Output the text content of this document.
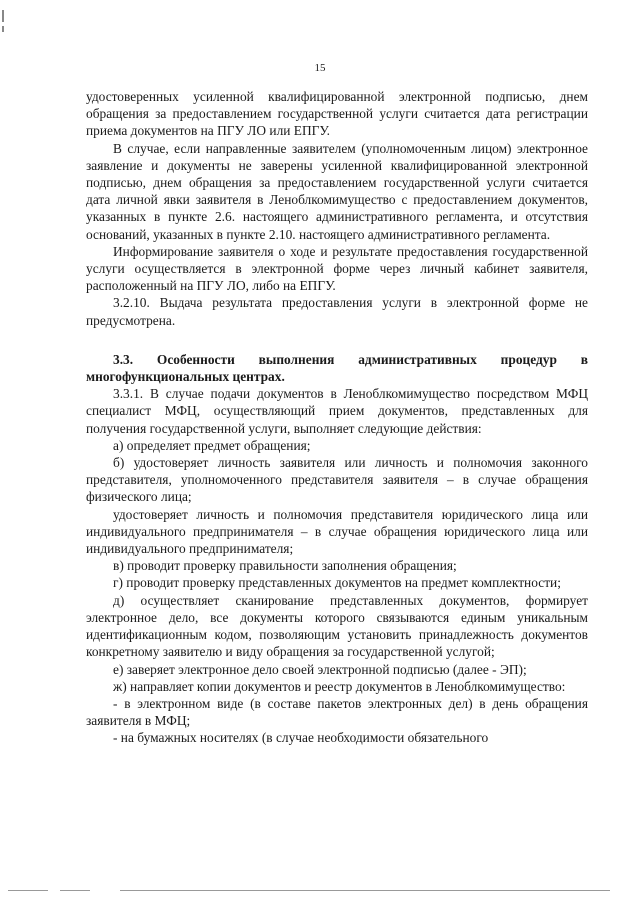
15

удостоверенных усиленной квалифицированной электронной подписью, днем обращения за предоставлением государственной услуги считается дата регистрации приема документов на ПГУ ЛО или ЕПГУ.

В случае, если направленные заявителем (уполномоченным лицом) электронное заявление и документы не заверены усиленной квалифицированной электронной подписью, днем обращения за предоставлением государственной услуги считается дата личной явки заявителя в Леноблкомимущество с предоставлением документов, указанных в пункте 2.6. настоящего административного регламента, и отсутствия оснований, указанных в пункте 2.10. настоящего административного регламента.

Информирование заявителя о ходе и результате предоставления государственной услуги осуществляется в электронной форме через личный кабинет заявителя, расположенный на ПГУ ЛО, либо на ЕПГУ.

3.2.10. Выдача результата предоставления услуги в электронной форме не предусмотрена.

3.3. Особенности выполнения административных процедур в многофункциональных центрах.

3.3.1. В случае подачи документов в Леноблкомимущество посредством МФЦ специалист МФЦ, осуществляющий прием документов, представленных для получения государственной услуги, выполняет следующие действия:

а) определяет предмет обращения;

б) удостоверяет личность заявителя или личность и полномочия законного представителя, уполномоченного представителя заявителя – в случае обращения физического лица;

удостоверяет личность и полномочия представителя юридического лица или индивидуального предпринимателя – в случае обращения юридического лица или индивидуального предпринимателя;

в) проводит проверку правильности заполнения обращения;

г) проводит проверку представленных документов на предмет комплектности;

д) осуществляет сканирование представленных документов, формирует электронное дело, все документы которого связываются единым уникальным идентификационным кодом, позволяющим установить принадлежность документов конкретному заявителю и виду обращения за государственной услугой;

е) заверяет электронное дело своей электронной подписью (далее - ЭП);

ж) направляет копии документов и реестр документов в Леноблкомимущество:

- в электронном виде (в составе пакетов электронных дел) в день обращения заявителя в МФЦ;

- на бумажных носителях (в случае необходимости обязательного
